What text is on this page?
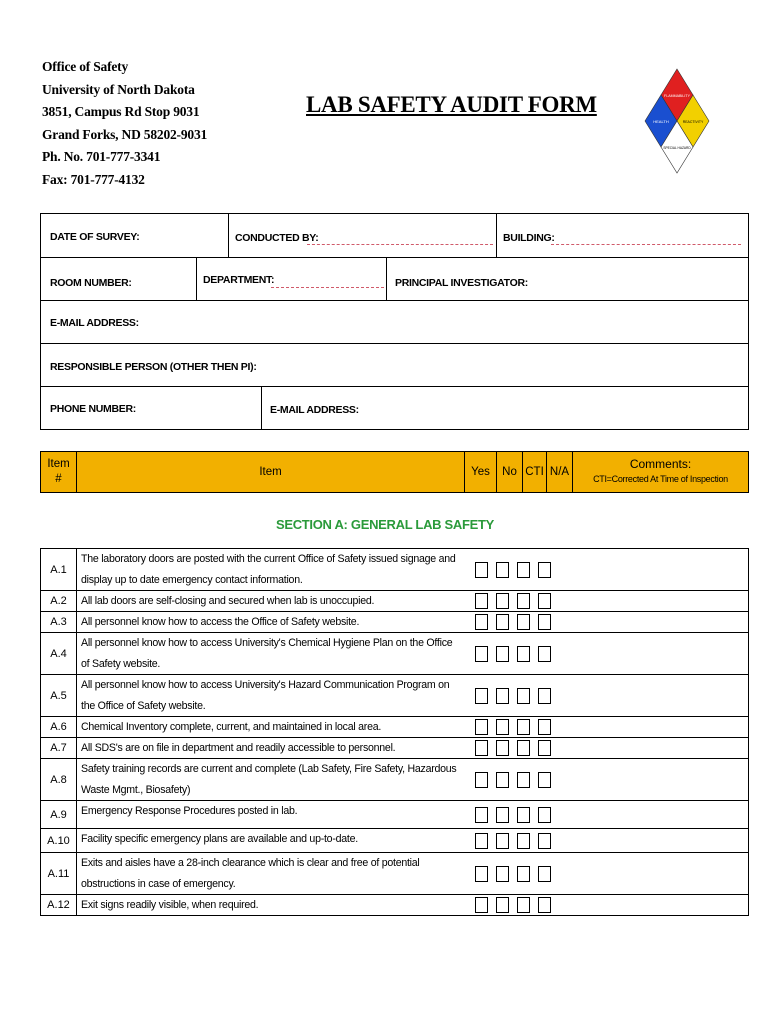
Office of Safety
University of North Dakota
3851, Campus Rd Stop 9031
Grand Forks, ND 58202-9031
Ph. No. 701-777-3341
Fax: 701-777-4132
LAB SAFETY AUDIT FORM	FLAMMABILITY
HEALTH	REACTIVITY
SPECIAL HAZARD
DATE OF SURVEY:	CONDUCTED BY:	BUILDING:
ROOM NUMBER:	DEPARTMENT:	PRINCIPAL INVESTIGATOR:
E-MAIL ADDRESS:
RESPONSIBLE PERSON (OTHER THEN PI):
PHONE NUMBER:	E-MAIL ADDRESS:
Item
#
Item	Yes	No CTI N/A
Comments:
CTI=Corrected At Time of Inspection
SECTION A: GENERAL LAB SAFETY
A.1
The laboratory doors are posted with the current Office of Safety issued signage and display up to date emergency contact information.
A.2	All lab doors are self-closing and secured when lab is unoccupied.
A.3	All personnel know how to access the Office of Safety website.
A.4
All personnel know how to access University's Chemical Hygiene Plan on the Office of Safety website.
A.5
All personnel know how to access University's Hazard Communication Program on the Office of Safety website.
A.6	Chemical Inventory complete, current, and maintained in local area.
A.7	All SDS's are on file in department and readily accessible to personnel.
A.8
Safety training records are current and complete (Lab Safety, Fire Safety, Hazardous Waste Mgmt., Biosafety)
A.9	Emergency Response Procedures posted in lab.
A.10	Facility specific emergency plans are available and up-to-date.
A.11
Exits and aisles have a 28-inch clearance which is clear and free of potential obstructions in case of emergency.
A.12	Exit signs readily visible, when required.
